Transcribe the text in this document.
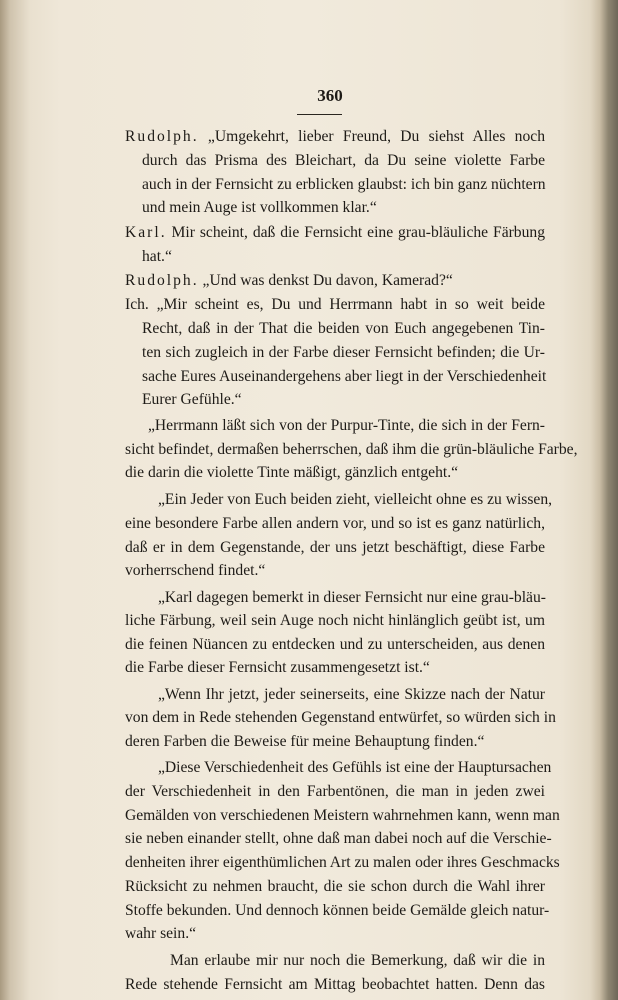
360
Rudolph. „Umgekehrt, lieber Freund, Du siehst Alles noch
durch das Prisma des Bleichart, da Du seine violette Farbe
auch in der Fernsicht zu erblicken glaubst: ich bin ganz nüchtern
und mein Auge ist vollkommen klar.“
Karl. Mir scheint, daß die Fernsicht eine grau-bläuliche Färbung
hat.“
Rudolph. „Und was denkst Du davon, Kamerad?“
Ich. „Mir scheint es, Du und Herrmann habt in so weit beide
Recht, daß in der That die beiden von Euch angegebenen Tin-
ten sich zugleich in der Farbe dieser Fernsicht befinden; die Ur-
sache Eures Auseinandergehens aber liegt in der Verschiedenheit
Eurer Gefühle.“
„Herrmann läßt sich von der Purpur-Tinte, die sich in der Fern-
sicht befindet, dermaßen beherrschen, daß ihm die grün-bläuliche Farbe,
die darin die violette Tinte mäßigt, gänzlich entgeht.“
„Ein Jeder von Euch beiden zieht, vielleicht ohne es zu wissen,
eine besondere Farbe allen andern vor, und so ist es ganz natürlich,
daß er in dem Gegenstande, der uns jetzt beschäftigt, diese Farbe
vorherrschend findet.“
„Karl dagegen bemerkt in dieser Fernsicht nur eine grau-bläu-
liche Färbung, weil sein Auge noch nicht hinlänglich geübt ist, um
die feinen Nüancen zu entdecken und zu unterscheiden, aus denen
die Farbe dieser Fernsicht zusammengesetzt ist.“
„Wenn Ihr jetzt, jeder seinerseits, eine Skizze nach der Natur
von dem in Rede stehenden Gegenstand entwürfet, so würden sich in
deren Farben die Beweise für meine Behauptung finden.“
„Diese Verschiedenheit des Gefühls ist eine der Hauptursachen
der Verschiedenheit in den Farbentönen, die man in jeden zwei
Gemälden von verschiedenen Meistern wahrnehmen kann, wenn man
sie neben einander stellt, ohne daß man dabei noch auf die Verschie-
denheiten ihrer eigenthümlichen Art zu malen oder ihres Geschmacks
Rücksicht zu nehmen braucht, die sie schon durch die Wahl ihrer
Stoffe bekunden. Und dennoch können beide Gemälde gleich natur-
wahr sein.“
Man erlaube mir nur noch die Bemerkung, daß wir die in
Rede stehende Fernsicht am Mittag beobachtet hatten. Denn das
